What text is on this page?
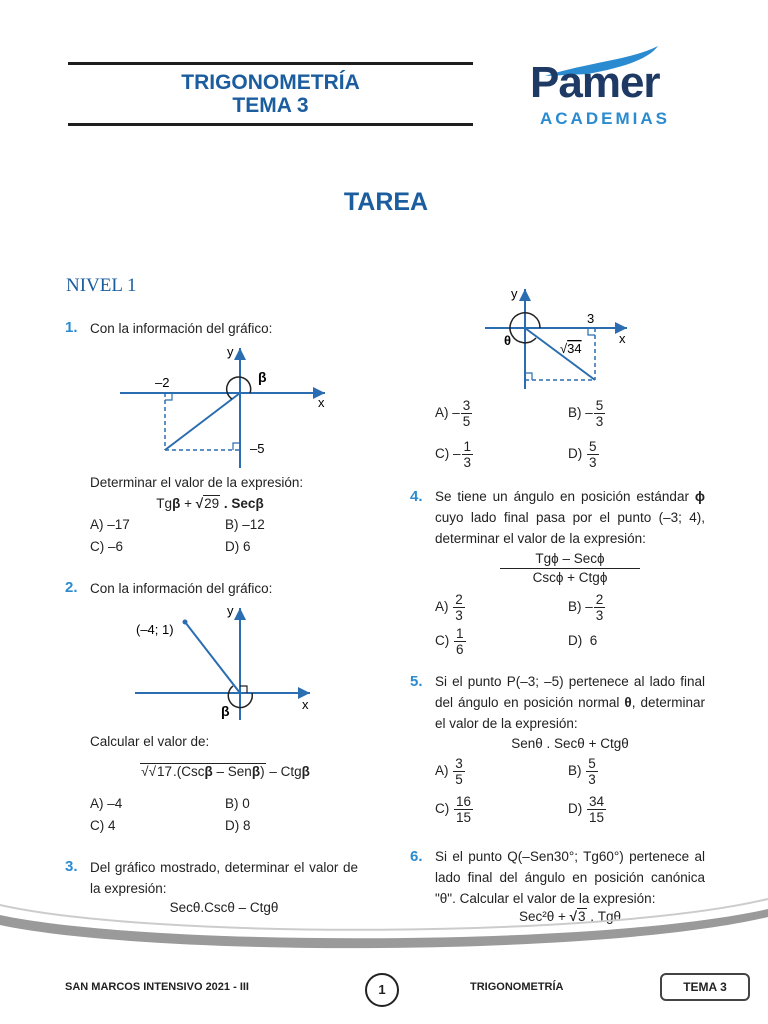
TRIGONOMETRÍA
TEMA 3	Pamer
ACADEMIAS
TAREA
NIVEL 1
1. Con la información del gráfico:
y
x
β
–2
–5
Determinar el valor de la expresión:
Tgβ + √29 . Secβ
A) –17	B) –12
C) –6	D) 6
2. Con la información del gráfico:
y
x
β
(–4; 1)
Calcular el valor de:
√√17.(Cscβ – Senβ) – Ctgβ
A) –4	B) 0
C) 4	D) 8
3. Del gráfico mostrado, determinar el valor de la expresión:
Secθ.Cscθ – Ctgθ
y
x
θ
3
√34
$A) - \frac{3}{5}$	$B) - \frac{5}{3}$
$C) - \frac{1}{3}$	$D) \frac{5}{3}$
4. Se tiene un ángulo en posición estándar ϕ cuyo lado final pasa por el punto (–3; 4), determinar el valor de la expresión:
Tgϕ – Secϕ
Cscϕ + Ctgϕ
$A) \frac{2}{3}$	$B) - \frac{2}{3}$
$C) \frac{1}{6}$	D) 6
5. Si el punto P(–3; –5) pertenece al lado final del ángulo en posición normal θ, determinar el valor de la expresión:
Senθ . Secθ + Ctgθ
$A) \frac{3}{5}$	$B) \frac{5}{3}$
$C) \frac{16}{15}$	$D) \frac{34}{15}$
6. Si el punto Q(–Sen30°; Tg60°) pertenece al lado final del ángulo en posición canónica "θ". Calcular el valor de la expresión:
Sec²θ + √3 . Tgθ
SAN MARCOS INTENSIVO 2021 - III	1	TRIGONOMETRÍA	TEMA 3
